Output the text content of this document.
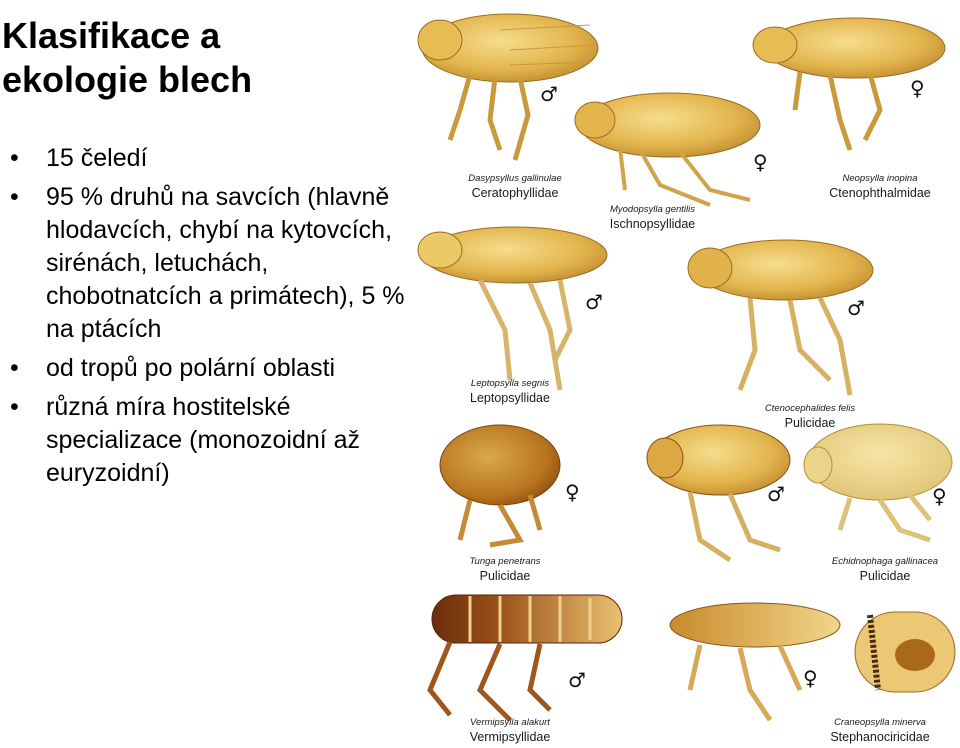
Klasifikace a
ekologie blech
• 15 čeledí
• 95 % druhů na savcích (hlavně hlodavcích, chybí na kytovcích, sirénách, letuchách, chobotnatcích a primátech), 5 % na ptácích
• od tropů po polární oblasti
• různá míra hostitelské specializace (monozoidní až euryzoidní)
Dasypsyllus gallinulae
Ceratophyllidae
♂
Myodopsylla gentilis
Ischnopsyllidae
♀
Neopsylla inopina
Ctenophthalmidae
♀
Leptopsylla segnis
Leptopsyllidae
♂
Ctenocephalides felis
Pulicidae
♂
Tunga penetrans
Pulicidae
♀	♂
Echidnophaga gallinacea
Pulicidae
♀
Vermipsylla alakurt
Vermipsyllidae
♂
Craneopsylla minerva
Stephanociricidae
♀
